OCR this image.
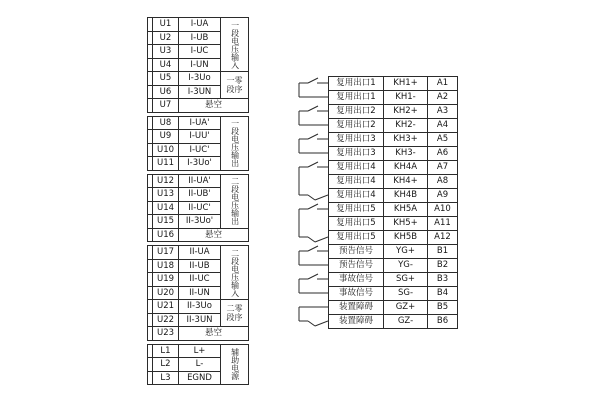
	U1	I-UA	一段电压输入

	U2	I-UB	
	U3	I-UC	
	U4	I-UN	
	U5	I-3Uo	一零
段序

	U6	I-3UN	
	U7	悬空	
	U8	I-UA'	一段电压输出

	U9	I-UU'	
	U10	I-UC'	
	U11	I-3Uo'	
	U12	II-UA'	二段电压输出

	U13	II-UB'	
	U14	II-UC'	
	U15	II-3Uo'	
	U16	悬空	
	U17	II-UA	二段电压输入

	U18	II-UB	
	U19	II-UC	
	U20	II-UN	
	U21	II-3Uo	二零
段序

	U22	II-3UN	
	U23	悬空	
	L1	L+	辅助电源

	L2	L-	
	L3	EGND	
复用出口1	KH1+	A1
复用出口1	KH1-	A2
复用出口2	KH2+	A3
复用出口2	KH2-	A4
复用出口3	KH3+	A5
复用出口3	KH3-	A6
复用出口4	KH4A	A7
复用出口4	KH4+	A8
复用出口4	KH4B	A9
复用出口5	KH5A	A10
复用出口5	KH5+	A11
复用出口5	KH5B	A12
预告信号	YG+	B1
预告信号	YG-	B2
事故信号	SG+	B3
事故信号	SG-	B4
装置障碍	GZ+	B5
装置障碍	GZ-	B6
